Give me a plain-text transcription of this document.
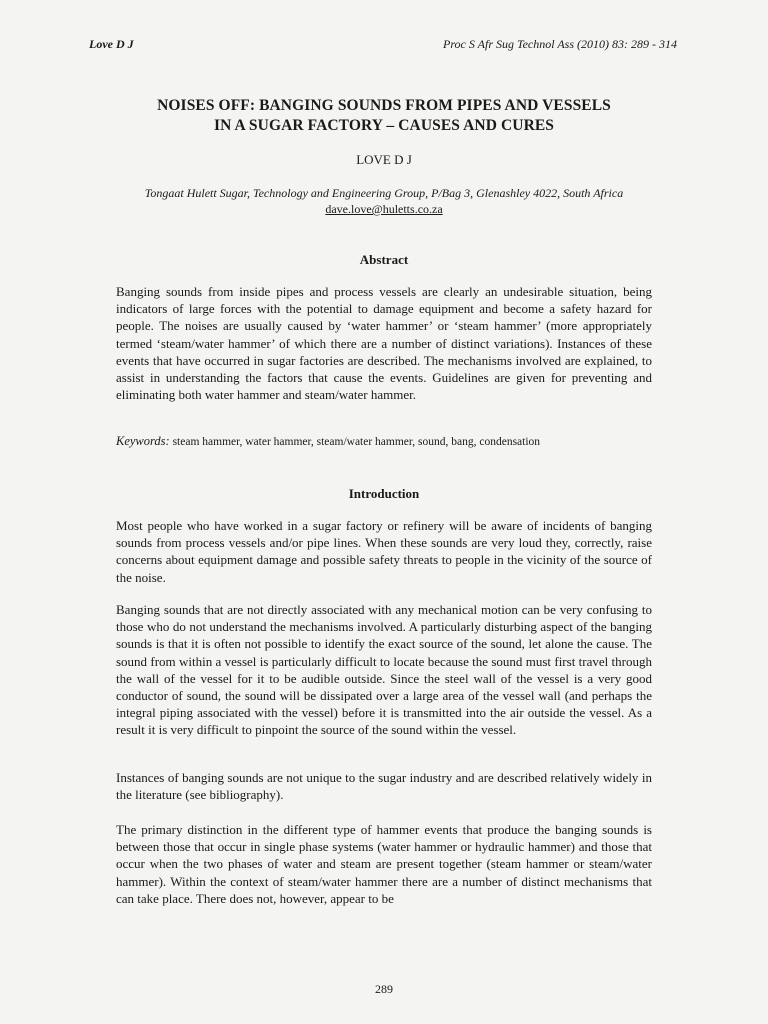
Love D J	Proc S Afr Sug Technol Ass (2010) 83: 289 - 314
NOISES OFF: BANGING SOUNDS FROM PIPES AND VESSELS
IN A SUGAR FACTORY – CAUSES AND CURES
LOVE D J
Tongaat Hulett Sugar, Technology and Engineering Group, P/Bag 3, Glenashley 4022, South Africa
dave.love@huletts.co.za
Abstract
Banging sounds from inside pipes and process vessels are clearly an undesirable situation, being indicators of large forces with the potential to damage equipment and become a safety hazard for people. The noises are usually caused by ‘water hammer’ or ‘steam hammer’ (more appropriately termed ‘steam/water hammer’ of which there are a number of distinct variations). Instances of these events that have occurred in sugar factories are described. The mechanisms involved are explained, to assist in understanding the factors that cause the events. Guidelines are given for preventing and eliminating both water hammer and steam/water hammer.
Keywords: steam hammer, water hammer, steam/water hammer, sound, bang, condensation
Introduction
Most people who have worked in a sugar factory or refinery will be aware of incidents of banging sounds from process vessels and/or pipe lines. When these sounds are very loud they, correctly, raise concerns about equipment damage and possible safety threats to people in the vicinity of the source of the noise.
Banging sounds that are not directly associated with any mechanical motion can be very confusing to those who do not understand the mechanisms involved. A particularly disturbing aspect of the banging sounds is that it is often not possible to identify the exact source of the sound, let alone the cause. The sound from within a vessel is particularly difficult to locate because the sound must first travel through the wall of the vessel for it to be audible outside. Since the steel wall of the vessel is a very good conductor of sound, the sound will be dissipated over a large area of the vessel wall (and perhaps the integral piping associated with the vessel) before it is transmitted into the air outside the vessel. As a result it is very difficult to pinpoint the source of the sound within the vessel.
Instances of banging sounds are not unique to the sugar industry and are described relatively widely in the literature (see bibliography).
The primary distinction in the different type of hammer events that produce the banging sounds is between those that occur in single phase systems (water hammer or hydraulic hammer) and those that occur when the two phases of water and steam are present together (steam hammer or steam/water hammer). Within the context of steam/water hammer there are a number of distinct mechanisms that can take place. There does not, however, appear to be
289
